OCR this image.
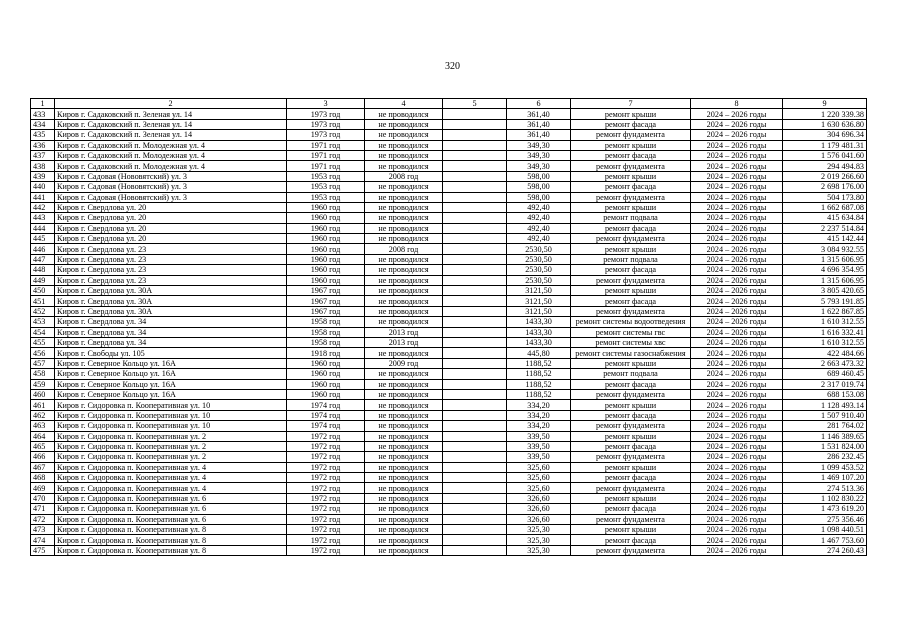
320
1	2	3	4	5	6	7	8	9
433	Киров г. Садаковский п. Зеленая ул. 14	1973 год	не проводился		361,40	ремонт крыши	2024 – 2026 годы	1 220 339.38
434	Киров г. Садаковский п. Зеленая ул. 14	1973 год	не проводился		361,40	ремонт фасада	2024 – 2026 годы	1 630 636.80
435	Киров г. Садаковский п. Зеленая ул. 14	1973 год	не проводился		361,40	ремонт фундамента	2024 – 2026 годы	304 696.34
436	Киров г. Садаковский п. Молодежная ул. 4	1971 год	не проводился		349,30	ремонт крыши	2024 – 2026 годы	1 179 481.31
437	Киров г. Садаковский п. Молодежная ул. 4	1971 год	не проводился		349,30	ремонт фасада	2024 – 2026 годы	1 576 041.60
438	Киров г. Садаковский п. Молодежная ул. 4	1971 год	не проводился		349,30	ремонт фундамента	2024 – 2026 годы	294 494.83
439	Киров г. Садовая (Нововятский) ул. 3	1953 год	2008 год		598,00	ремонт крыши	2024 – 2026 годы	2 019 266.60
440	Киров г. Садовая (Нововятский) ул. 3	1953 год	не проводился		598,00	ремонт фасада	2024 – 2026 годы	2 698 176.00
441	Киров г. Садовая (Нововятский) ул. 3	1953 год	не проводился		598,00	ремонт фундамента	2024 – 2026 годы	504 173.80
442	Киров г. Свердлова ул. 20	1960 год	не проводился		492,40	ремонт крыши	2024 – 2026 годы	1 662 687.08
443	Киров г. Свердлова ул. 20	1960 год	не проводился		492,40	ремонт подвала	2024 – 2026 годы	415 634.84
444	Киров г. Свердлова ул. 20	1960 год	не проводился		492,40	ремонт фасада	2024 – 2026 годы	2 237 514.84
445	Киров г. Свердлова ул. 20	1960 год	не проводился		492,40	ремонт фундамента	2024 – 2026 годы	415 142.44
446	Киров г. Свердлова ул. 23	1960 год	2008 год		2530,50	ремонт крыши	2024 – 2026 годы	3 084 932.55
447	Киров г. Свердлова ул. 23	1960 год	не проводился		2530,50	ремонт подвала	2024 – 2026 годы	1 315 606.95
448	Киров г. Свердлова ул. 23	1960 год	не проводился		2530,50	ремонт фасада	2024 – 2026 годы	4 696 354.95
449	Киров г. Свердлова ул. 23	1960 год	не проводился		2530,50	ремонт фундамента	2024 – 2026 годы	1 315 606.95
450	Киров г. Свердлова ул. 30А	1967 год	не проводился		3121,50	ремонт крыши	2024 – 2026 годы	3 805 420.65
451	Киров г. Свердлова ул. 30А	1967 год	не проводился		3121,50	ремонт фасада	2024 – 2026 годы	5 793 191.85
452	Киров г. Свердлова ул. 30А	1967 год	не проводился		3121,50	ремонт фундамента	2024 – 2026 годы	1 622 867.85
453	Киров г. Свердлова ул. 34	1958 год	не проводился		1433,30	ремонт системы водоотведения	2024 – 2026 годы	1 610 312.55
454	Киров г. Свердлова ул. 34	1958 год	2013 год		1433,30	ремонт системы гвс	2024 – 2026 годы	1 616 332.41
455	Киров г. Свердлова ул. 34	1958 год	2013 год		1433,30	ремонт системы хвс	2024 – 2026 годы	1 610 312.55
456	Киров г. Свободы ул. 105	1918 год	не проводился		445,80	ремонт системы газоснабжения	2024 – 2026 годы	422 484.66
457	Киров г. Северное Кольцо ул. 16А	1960 год	2009 год		1188,52	ремонт крыши	2024 – 2026 годы	2 663 473.32
458	Киров г. Северное Кольцо ул. 16А	1960 год	не проводился		1188,52	ремонт подвала	2024 – 2026 годы	689 460.45
459	Киров г. Северное Кольцо ул. 16А	1960 год	не проводился		1188,52	ремонт фасада	2024 – 2026 годы	2 317 019.74
460	Киров г. Северное Кольцо ул. 16А	1960 год	не проводился		1188,52	ремонт фундамента	2024 – 2026 годы	688 153.08
461	Киров г. Сидоровка п. Кооперативная ул. 10	1974 год	не проводился		334,20	ремонт крыши	2024 – 2026 годы	1 128 493.14
462	Киров г. Сидоровка п. Кооперативная ул. 10	1974 год	не проводился		334,20	ремонт фасада	2024 – 2026 годы	1 507 910.40
463	Киров г. Сидоровка п. Кооперативная ул. 10	1974 год	не проводился		334,20	ремонт фундамента	2024 – 2026 годы	281 764.02
464	Киров г. Сидоровка п. Кооперативная ул. 2	1972 год	не проводился		339,50	ремонт крыши	2024 – 2026 годы	1 146 389.65
465	Киров г. Сидоровка п. Кооперативная ул. 2	1972 год	не проводился		339,50	ремонт фасада	2024 – 2026 годы	1 531 824.00
466	Киров г. Сидоровка п. Кооперативная ул. 2	1972 год	не проводился		339,50	ремонт фундамента	2024 – 2026 годы	286 232.45
467	Киров г. Сидоровка п. Кооперативная ул. 4	1972 год	не проводился		325,60	ремонт крыши	2024 – 2026 годы	1 099 453.52
468	Киров г. Сидоровка п. Кооперативная ул. 4	1972 год	не проводился		325,60	ремонт фасада	2024 – 2026 годы	1 469 107.20
469	Киров г. Сидоровка п. Кооперативная ул. 4	1972 год	не проводился		325,60	ремонт фундамента	2024 – 2026 годы	274 513.36
470	Киров г. Сидоровка п. Кооперативная ул. 6	1972 год	не проводился		326,60	ремонт крыши	2024 – 2026 годы	1 102 830.22
471	Киров г. Сидоровка п. Кооперативная ул. 6	1972 год	не проводился		326,60	ремонт фасада	2024 – 2026 годы	1 473 619.20
472	Киров г. Сидоровка п. Кооперативная ул. 6	1972 год	не проводился		326,60	ремонт фундамента	2024 – 2026 годы	275 356.46
473	Киров г. Сидоровка п. Кооперативная ул. 8	1972 год	не проводился		325,30	ремонт крыши	2024 – 2026 годы	1 098 440.51
474	Киров г. Сидоровка п. Кооперативная ул. 8	1972 год	не проводился		325,30	ремонт фасада	2024 – 2026 годы	1 467 753.60
475	Киров г. Сидоровка п. Кооперативная ул. 8	1972 год	не проводился		325,30	ремонт фундамента	2024 – 2026 годы	274 260.43
